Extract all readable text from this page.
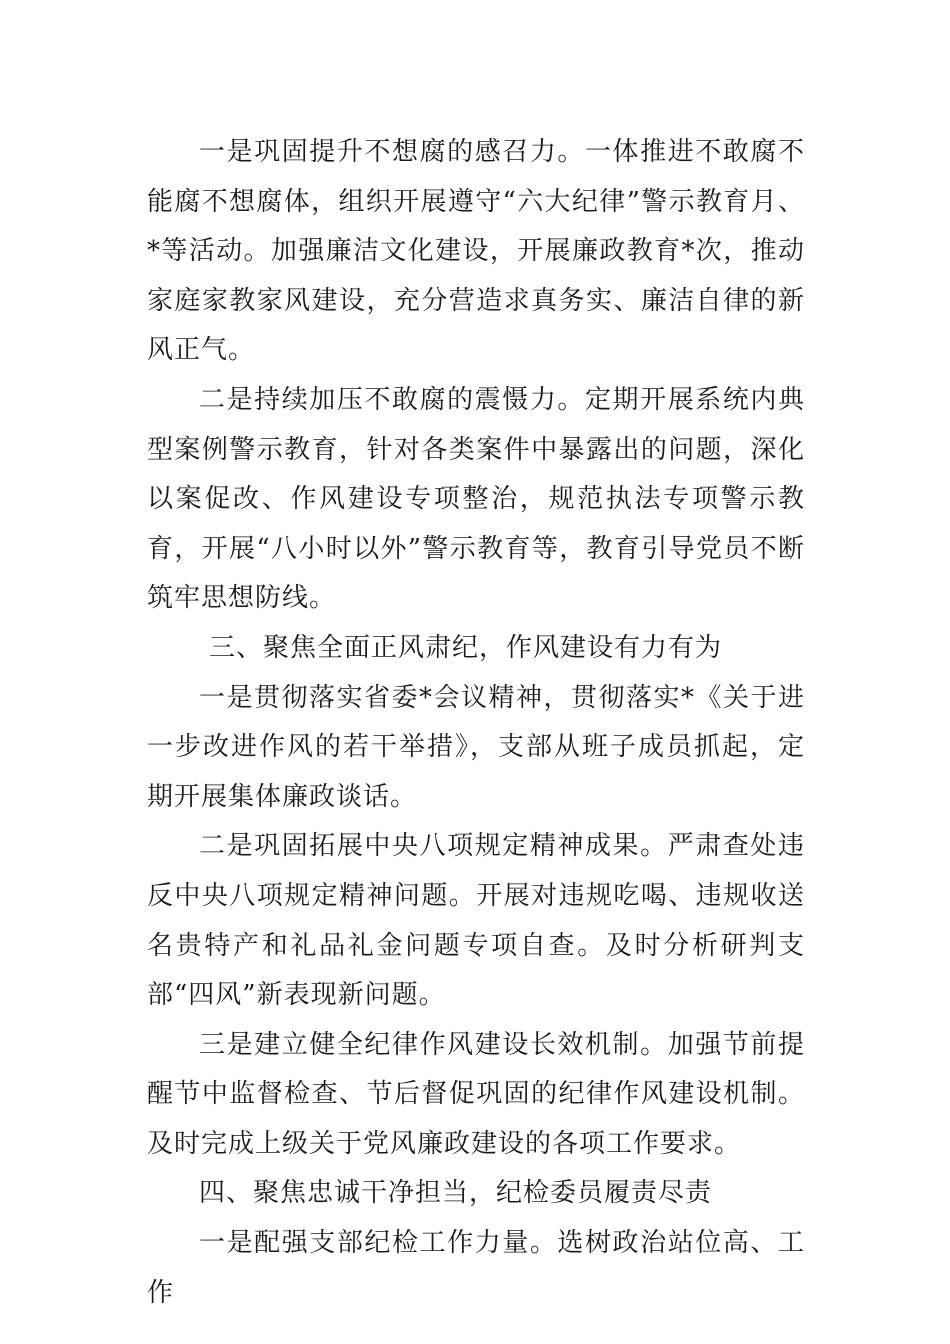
一是巩固提升不想腐的感召力。一体推进不敢腐不能腐不想腐体，组织开展遵守“六大纪律”警示教育月、*等活动。加强廉洁文化建设，开展廉政教育*次，推动家庭家教家风建设，充分营造求真务实、廉洁自律的新风正气。

二是持续加压不敢腐的震慑力。定期开展系统内典型案例警示教育，针对各类案件中暴露出的问题，深化以案促改、作风建设专项整治，规范执法专项警示教育，开展“八小时以外”警示教育等，教育引导党员不断筑牢思想防线。

三、聚焦全面正风肃纪，作风建设有力有为

一是贯彻落实省委*会议精神，贯彻落实*《关于进一步改进作风的若干举措》，支部从班子成员抓起，定期开展集体廉政谈话。

二是巩固拓展中央八项规定精神成果。严肃查处违反中央八项规定精神问题。开展对违规吃喝、违规收送名贵特产和礼品礼金问题专项自查。及时分析研判支部“四风”新表现新问题。

三是建立健全纪律作风建设长效机制。加强节前提醒节中监督检查、节后督促巩固的纪律作风建设机制。及时完成上级关于党风廉政建设的各项工作要求。

四、聚焦忠诚干净担当，纪检委员履责尽责

一是配强支部纪检工作力量。选树政治站位高、工作
